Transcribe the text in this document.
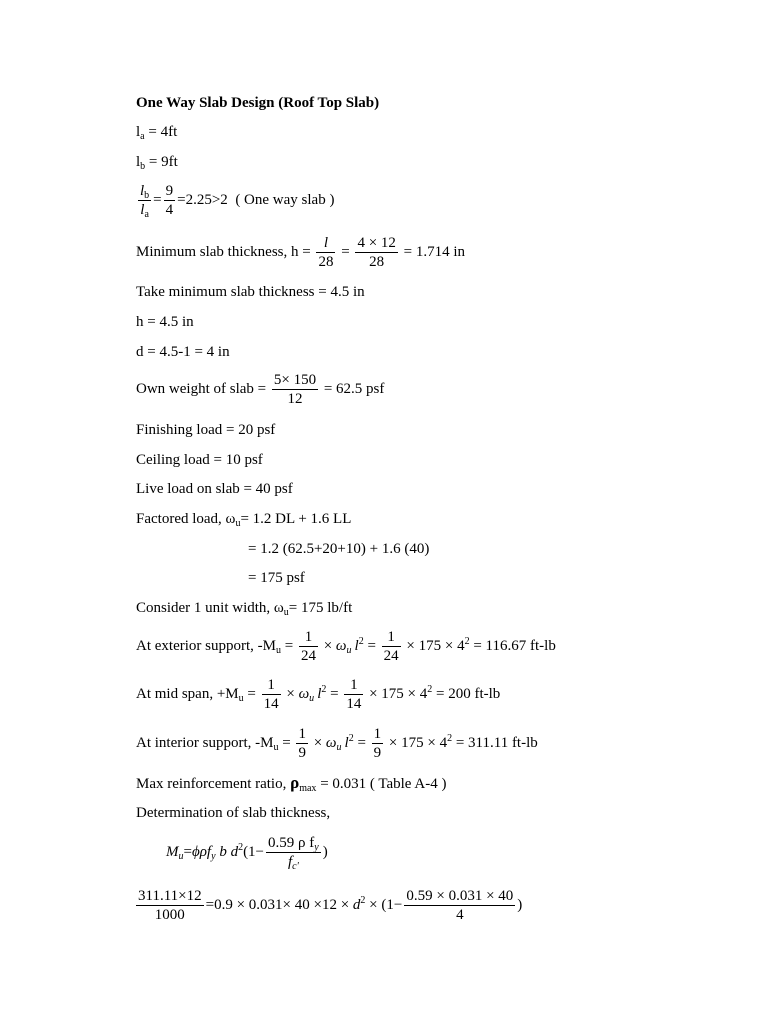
One Way Slab Design (Roof Top Slab)
$l_a = 4ft$
$l_b = 9ft$
$\frac{l_b}{l_a} = \frac{9}{4} =2.25>2$ ( One way slab )
Minimum slab thickness, $h = \frac{l}{28} = \frac{4 \times 12}{28} = 1.714$ in
Take minimum slab thickness = 4.5 in
h = 4.5 in
d = 4.5-1 = 4 in
Own weight of slab = $\frac{5\times 150}{12} = 62.5$ psf
Finishing load = 20 psf
Ceiling load = 10 psf
Live load on slab = 40 psf
Factored load, $\omega_u= 1.2$ DL + 1.6 LL
= 1.2 (62.5+20+10) + 1.6 (40)
= 175 psf
Consider 1 unit width, $\omega_u= 175$ lb/ft
At exterior support, $-M_u = \frac{1}{24} \times \omega_u$  $l^2 = \frac{1}{24} \times 175 \times 4^2 = 116.67$ ft-lb
At mid span, $+M_u = \frac{1}{14} \times \omega_u$  $l^2 = \frac{1}{14} \times 175 \times 4^2 = 200$ ft-lb
At interior support, $-M_u = \frac{1}{9} \times \omega_u$  $l^2 = \frac{1}{9} \times 175 \times 4^2 = 311.11$ ft-lb
Max reinforcement ratio, $\rho_{max} = 0.031$ ( Table A-4 )
Determination of slab thickness,
$M_u=\phi\rho f_y$ b $d^2(1- \frac{0.59 \rho f_y}{f_{c'}}$ )
$\frac{311.11\times 12}{1000} =0.9 \times 0.031\times 40 \times 12 \times d^2 \times (1- \frac{0.59 \times 0.031 \times 40}{4}$ )
